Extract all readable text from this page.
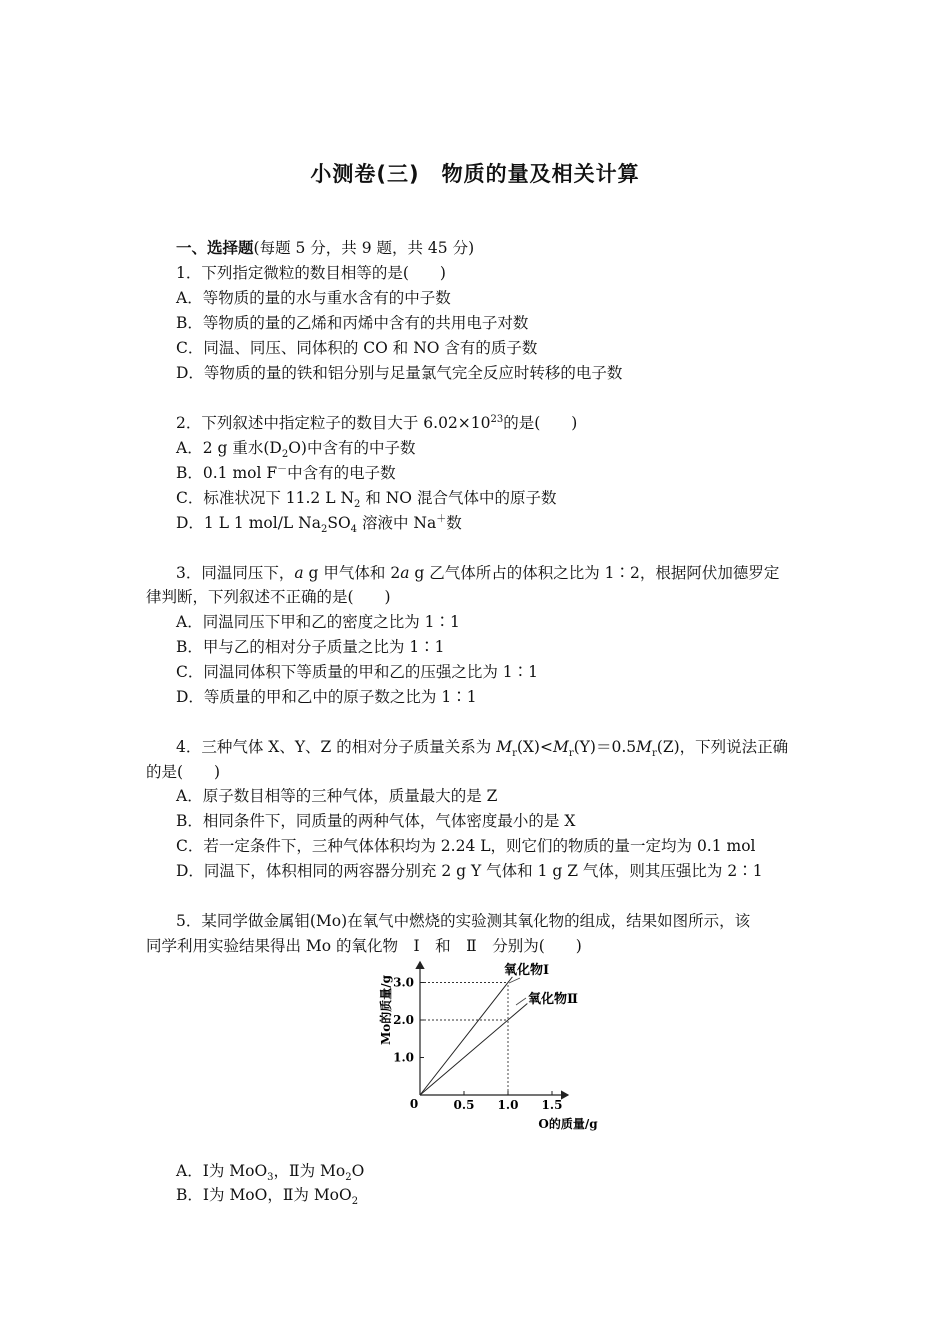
小测卷(三)　物质的量及相关计算
一、选择题(每题 5 分，共 9 题，共 45 分)
1．下列指定微粒的数目相等的是(　　)
A．等物质的量的水与重水含有的中子数
B．等物质的量的乙烯和丙烯中含有的共用电子对数
C．同温、同压、同体积的 CO 和 NO 含有的质子数
D．等物质的量的铁和铝分别与足量氯气完全反应时转移的电子数
2．下列叙述中指定粒子的数目大于 $6.02\times 10^{23}$的是(　　)
A．2 g 重水$(D_2O)$中含有的中子数
B．0.1 mol F－中含有的电子数
C．标准状况下 11.2 L $N_2$ 和 NO 混合气体中的原子数
D．1 L 1 mol/L $Na_2SO_4$ 溶液中 Na＋数
3．同温同压下，a g 甲气体和 2a g 乙气体所占的体积之比为 1∶2，根据阿伏加德罗定
律判断，下列叙述不正确的是(　　)
A．同温同压下甲和乙的密度之比为 1∶1
B．甲与乙的相对分子质量之比为 1∶1
C．同温同体积下等质量的甲和乙的压强之比为 1∶1
D．等质量的甲和乙中的原子数之比为 1∶1
4．三种气体 X、Y、Z 的相对分子质量关系为 $M_r(X)<M_r(Y)=0.5M_r(Z)$，下列说法正确
的是(　　)
A．原子数目相等的三种气体，质量最大的是 Z
B．相同条件下，同质量的两种气体，气体密度最小的是 X
C．若一定条件下，三种气体体积均为 2.24 L，则它们的物质的量一定均为 0.1 mol
D．同温下，体积相同的两容器分别充 2 g Y 气体和 1 g Z 气体，则其压强比为 2∶1
5．某同学做金属钼(Mo)在氧气中燃烧的实验测其氧化物的组成，结果如图所示，该
同学利用实验结果得出 Mo 的氧化物　Ⅰ　和　Ⅱ　分别为(　　)
0.5 1.0 1.5
1.0
2.0
3.0
0
O的质量/g
Mo的质量/g
氧化物Ⅰ
氧化物Ⅱ
A．Ⅰ为 MoO$_3$，Ⅱ为 $Mo_2O$
B．Ⅰ为 MoO，Ⅱ为 MoO$_2$
